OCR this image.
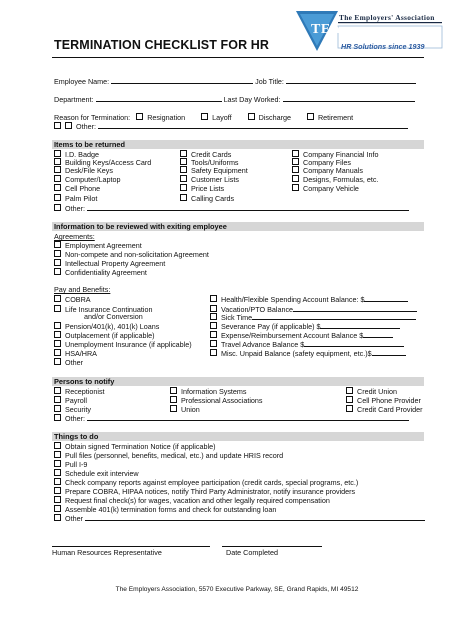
TEA
The Employers' Association
HR Solutions since 1939
TERMINATION CHECKLIST FOR HR
Employee Name:	Job Title:
Department:	Last Day Worked:
Reason for Termination: Resignation	Layoff	Discharge	Retirement
Other:
Items to be returned
I.D. Badge
Building Keys/Access Card
Desk/File Keys
Computer/Laptop
Cell Phone
Palm Pilot
Other:
Credit Cards
Tools/Uniforms
Safety Equipment
Customer Lists
Price Lists
Calling Cards
Company Financial Info
Company Files
Company Manuals
Designs, Formulas, etc.
Company Vehicle
Information to be reviewed with exiting employee
Agreements:
Employment Agreement
Non-compete and non-solicitation Agreement
Intellectual Property Agreement
Confidentiality Agreement
Pay and Benefits:
COBRA
Life Insurance Continuation
and/or Conversion
Pension/401(k), 401(k) Loans
Outplacement (if applicable)
Unemployment Insurance (if applicable)
HSA/HRA
Other
Health/Flexible Spending Account Balance: $
Vacation/PTO Balance
Sick Time
Severance Pay (if applicable) $
Expense/Reimbursement Account Balance $
Travel Advance Balance $
Misc. Unpaid Balance (safety equipment, etc.)$
Persons to notify
Receptionist
Payroll
Security
Other:
Information Systems
Professional Associations
Union
Credit Union
Cell Phone Provider
Credit Card Provider
Things to do
Obtain signed Termination Notice (if applicable)
Pull files (personnel, benefits, medical, etc.) and update HRIS record
Pull I-9
Schedule exit interview
Check company reports against employee participation (credit cards, special programs, etc.)
Prepare COBRA, HIPAA notices, notify Third Party Administrator, notify insurance providers
Request final check(s) for wages, vacation and other legally required compensation
Assemble 401(k) termination forms and check for outstanding loan
Other
Human Resources Representative	Date Completed
The Employers Association, 5570 Executive Parkway, SE, Grand Rapids, MI 49512
